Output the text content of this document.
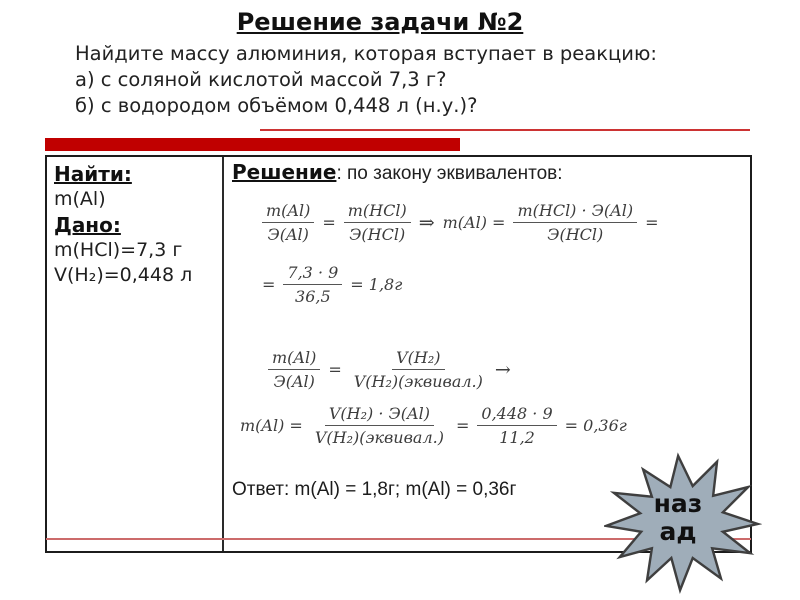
Решение задачи №2
Найдите массу алюминия, которая вступает в реакцию:
а) с соляной кислотой массой 7,3 г?
б) с водородом объёмом 0,448 л (н.у.)?
Найти:
m(Al)
Дано:
m(HCl)=7,3 г
V(H₂)=0,448 л
Решение: по закону эквивалентов:
$\frac{m(Al)}{Э(Al)} = \frac{\text{m(HCl)}}{\text{Э(HCl)}}$ ⇒ $m(Al) = \frac{\text{m(HCl) · Э(Al)}}{\text{Э(HCl)}}$ =
= $\frac{7,3 \cdot 9}{36,5} = 1,8г$
$\frac{m(Al)}{Э(Al)} = \frac{\text{V(H₂)}}{\text{V(H₂)(эквивал.)}}$ →
$m(Al) = \frac{\text{V(H₂) · Э(Al)}}{\text{V(H₂)(эквивал.)}} = \frac{0,448 \cdot 9}{11,2} = 0,36г$
Ответ: m(Al) = 1,8г; m(Al) = 0,36г	наз
ад
